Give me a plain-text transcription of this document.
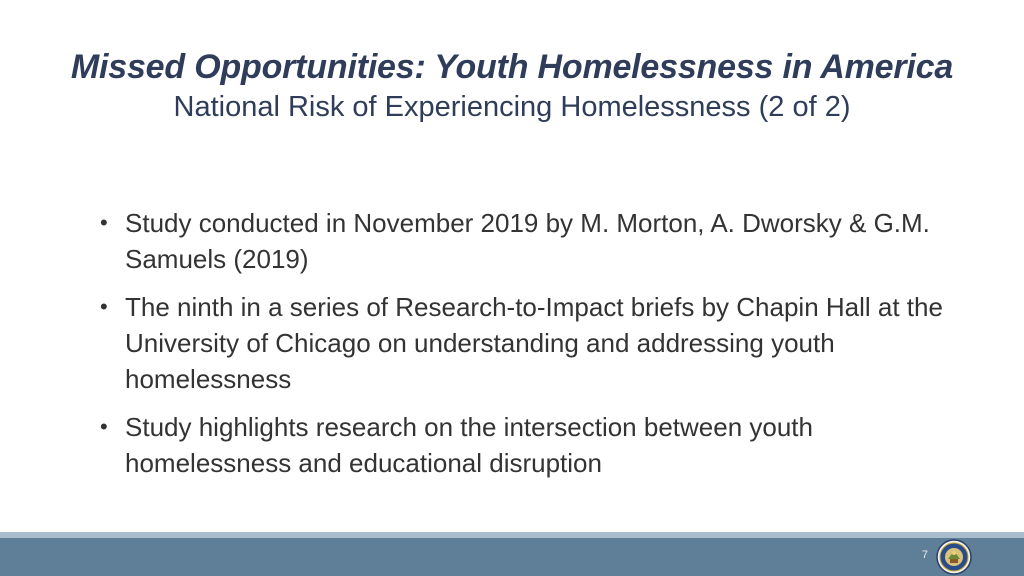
Missed Opportunities: Youth Homelessness in America
National Risk of Experiencing Homelessness (2 of 2)
• Study conducted in November 2019 by M. Morton, A. Dworsky & G.M. Samuels (2019)
• The ninth in a series of Research-to-Impact briefs by Chapin Hall at the University of Chicago on understanding and addressing youth homelessness
• Study highlights research on the intersection between youth homelessness and educational disruption
7
